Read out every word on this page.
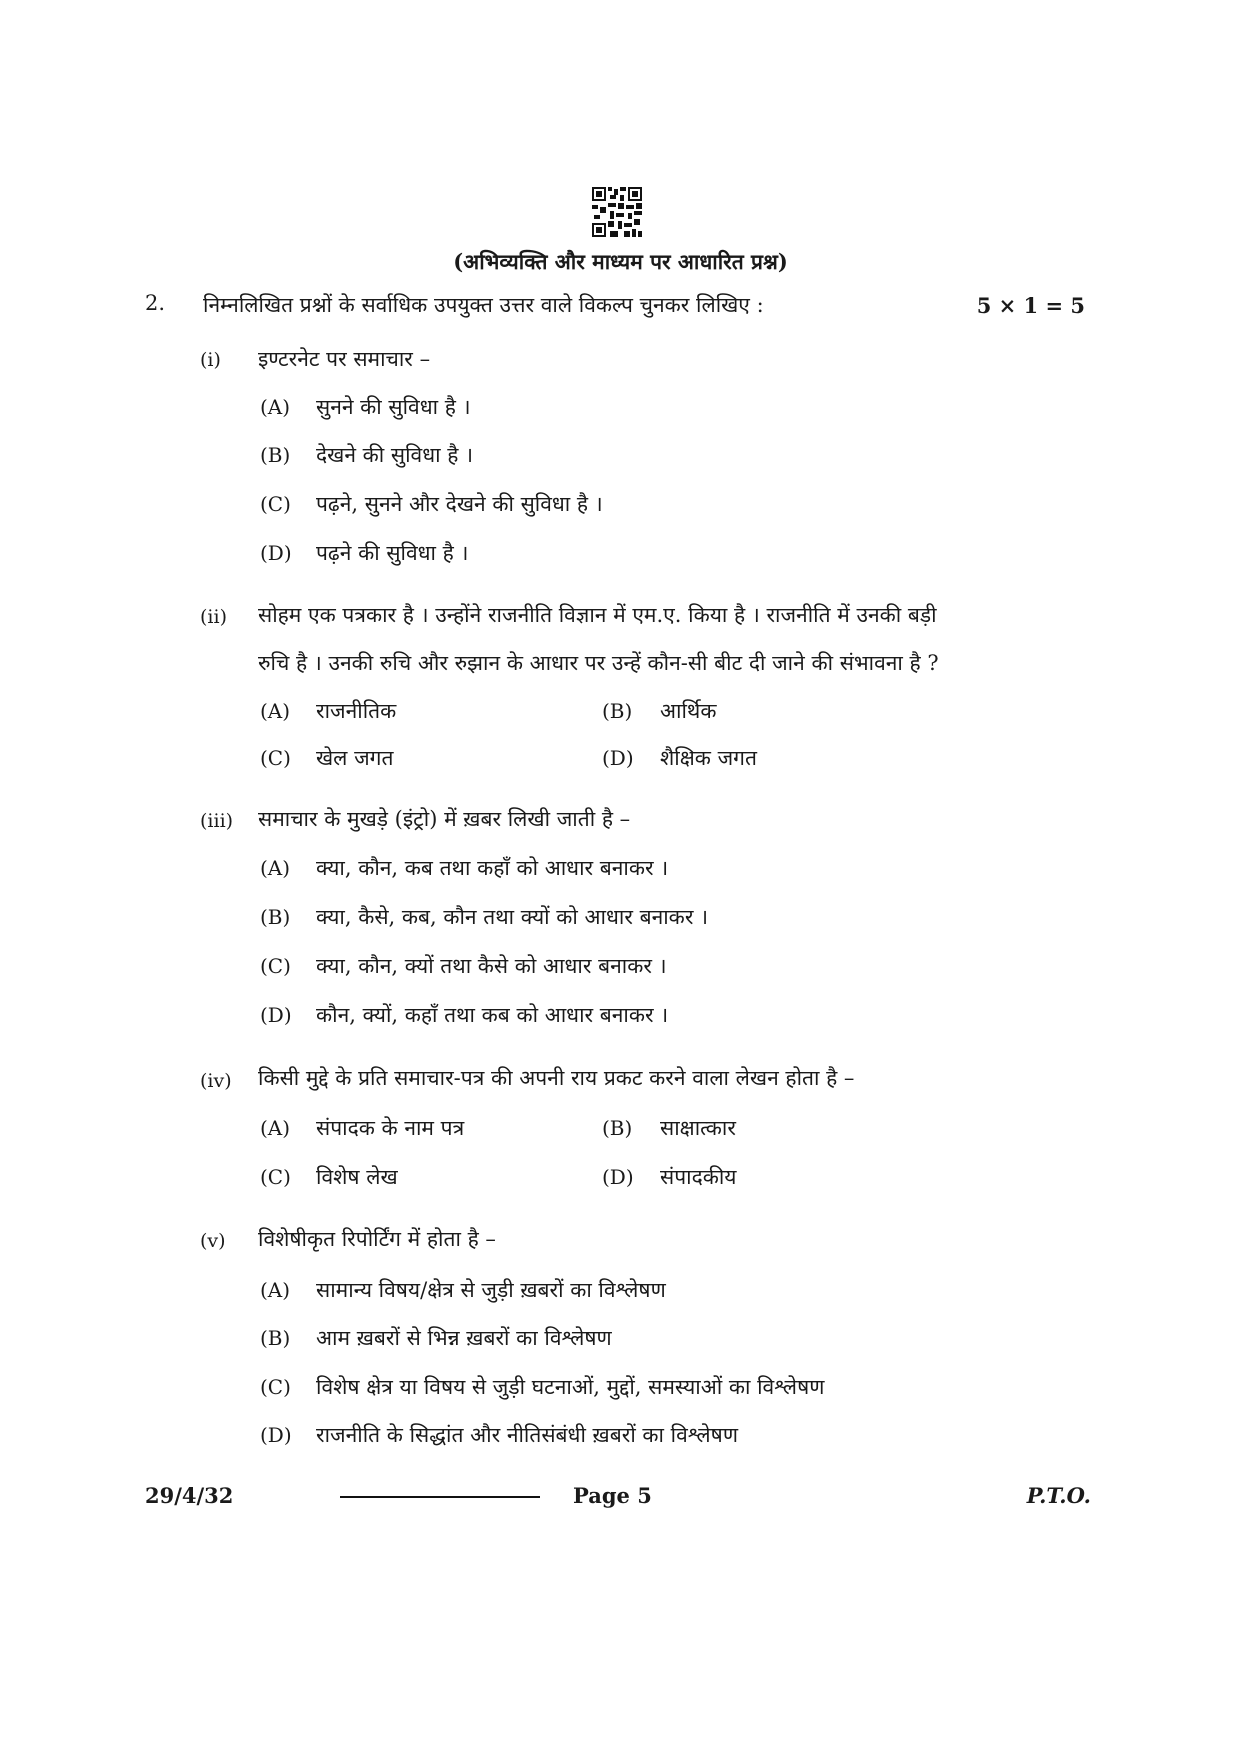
(अभिव्यक्ति और माध्यम पर आधारित प्रश्न)
2. निम्नलिखित प्रश्नों के सर्वाधिक उपयुक्त उत्तर वाले विकल्प चुनकर लिखिए :	5 × 1 = 5
(i)	इण्टरनेट पर समाचार –
(A)	सुनने की सुविधा है ।
(B)	देखने की सुविधा है ।
(C)	पढ़ने, सुनने और देखने की सुविधा है ।
(D)	पढ़ने की सुविधा है ।
(ii)	सोहम एक पत्रकार है । उन्होंने राजनीति विज्ञान में एम.ए. किया है । राजनीति में उनकी बड़ी
रुचि है । उनकी रुचि और रुझान के आधार पर उन्हें कौन-सी बीट दी जाने की संभावना है ?
(A)	राजनीतिक	(B)	आर्थिक
(C)	खेल जगत	(D)	शैक्षिक जगत
(iii)	समाचार के मुखड़े (इंट्रो) में ख़बर लिखी जाती है –
(A)	क्या, कौन, कब तथा कहाँ को आधार बनाकर ।
(B)	क्या, कैसे, कब, कौन तथा क्यों को आधार बनाकर ।
(C)	क्या, कौन, क्यों तथा कैसे को आधार बनाकर ।
(D)	कौन, क्यों, कहाँ तथा कब को आधार बनाकर ।
(iv)	किसी मुद्दे के प्रति समाचार-पत्र की अपनी राय प्रकट करने वाला लेखन होता है –
(A)	संपादक के नाम पत्र	(B)	साक्षात्कार
(C)	विशेष लेख	(D)	संपादकीय
(v)	विशेषीकृत रिपोर्टिंग में होता है –
(A)	सामान्य विषय/क्षेत्र से जुड़ी ख़बरों का विश्लेषण
(B)	आम ख़बरों से भिन्न ख़बरों का विश्लेषण
(C)	विशेष क्षेत्र या विषय से जुड़ी घटनाओं, मुद्दों, समस्याओं का विश्लेषण
(D)	राजनीति के सिद्धांत और नीतिसंबंधी ख़बरों का विश्लेषण
29/4/32	Page 5	P.T.O.
